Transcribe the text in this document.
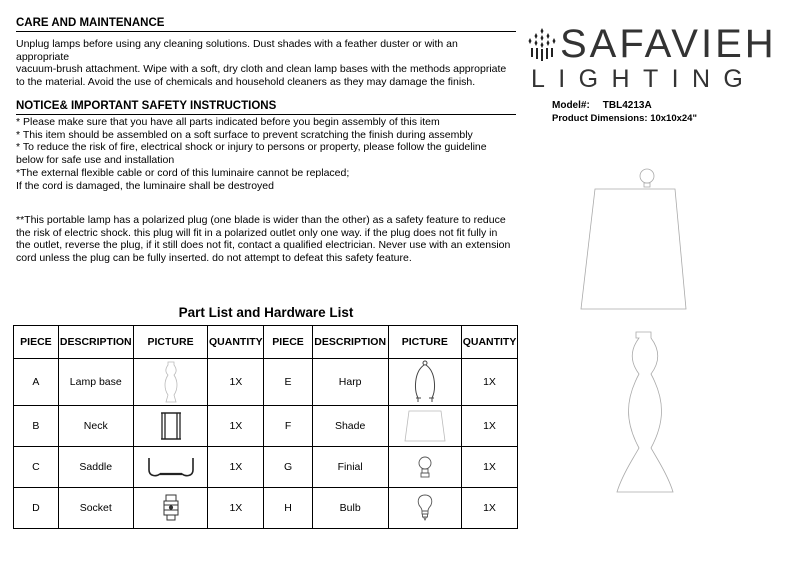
CARE AND MAINTENANCE
Unplug lamps before using any cleaning solutions. Dust shades with a feather duster or with an
appropriate
vacuum-brush attachment. Wipe with a soft, dry cloth and clean lamp bases with the methods appropriate
to the material. Avoid the use of chemicals and household cleaners as they may damage the finish.
NOTICE& IMPORTANT SAFETY INSTRUCTIONS
* Please make sure that you have all parts indicated before you begin assembly of this item
* This item should be assembled on a soft surface to prevent scratching the finish during assembly
* To reduce the risk of fire, electrical shock or injury to persons or property, please follow the guideline
below for safe use and installation
*The external flexible cable or cord of this luminaire cannot be replaced;
If the cord is damaged, the luminaire shall be destroyed
**This portable lamp has a polarized plug (one blade is wider than the other) as a safety feature to reduce
the risk of electric shock. this plug will fit in a polarized outlet only one way. if the plug does not fit fully in
the outlet, reverse the plug, if it still does not fit, contact a qualified electrician. Never use with an extension
cord unless the plug can be fully inserted. do not attempt to defeat this safety feature.
SAFAVIEH
LIGHTING
Model#: TBL4213A
Product Dimensions: 10x10x24"
Part List and Hardware List
PIECE	DESCRIPTION	PICTURE	QUANTITY	PIECE	DESCRIPTION	PICTURE	QUANTITY
A	Lamp base		1X	E	Harp		1X
B	Neck		1X	F	Shade		1X
C	Saddle		1X	G	Finial		1X
D	Socket		1X	H	Bulb		1X
